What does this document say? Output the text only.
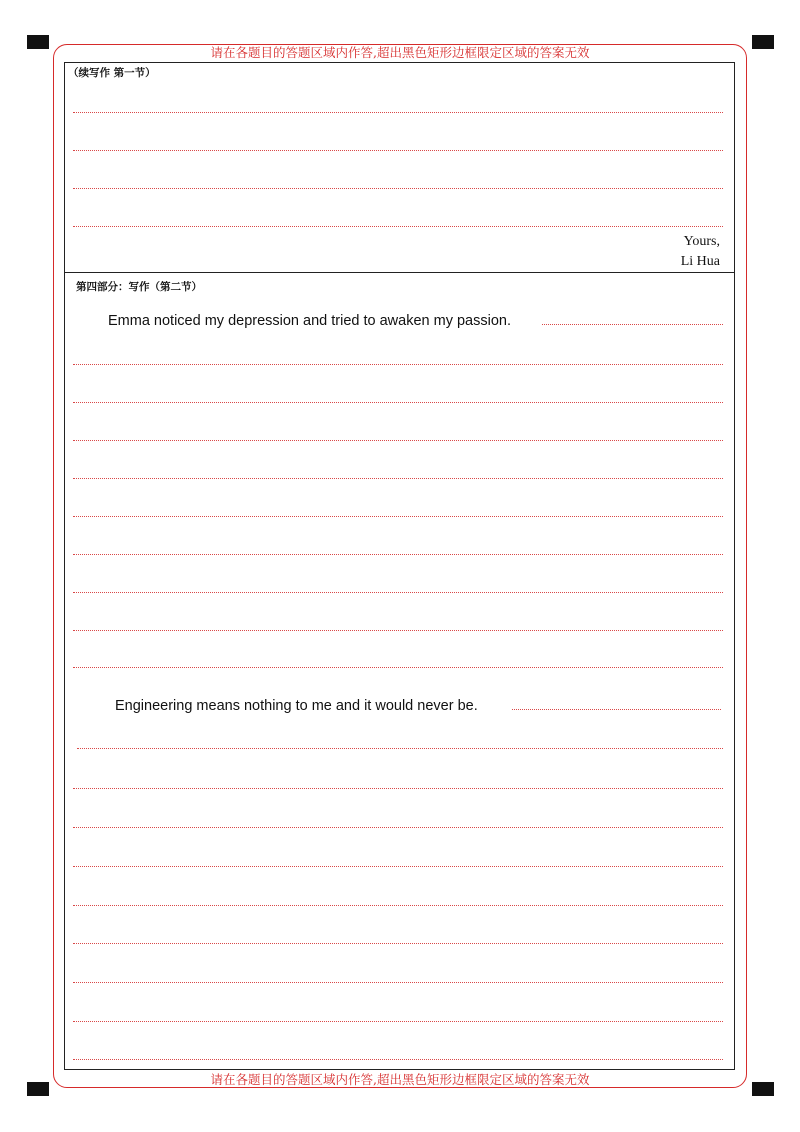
请在各题目的答题区域内作答,超出黑色矩形边框限定区域的答案无效
请在各题目的答题区域内作答,超出黑色矩形边框限定区域的答案无效
（续写作 第一节）
Yours,
Li Hua
第四部分：写作（第二节）
Emma noticed my depression and tried to awaken my passion.
Engineering means nothing to me and it would never be.
